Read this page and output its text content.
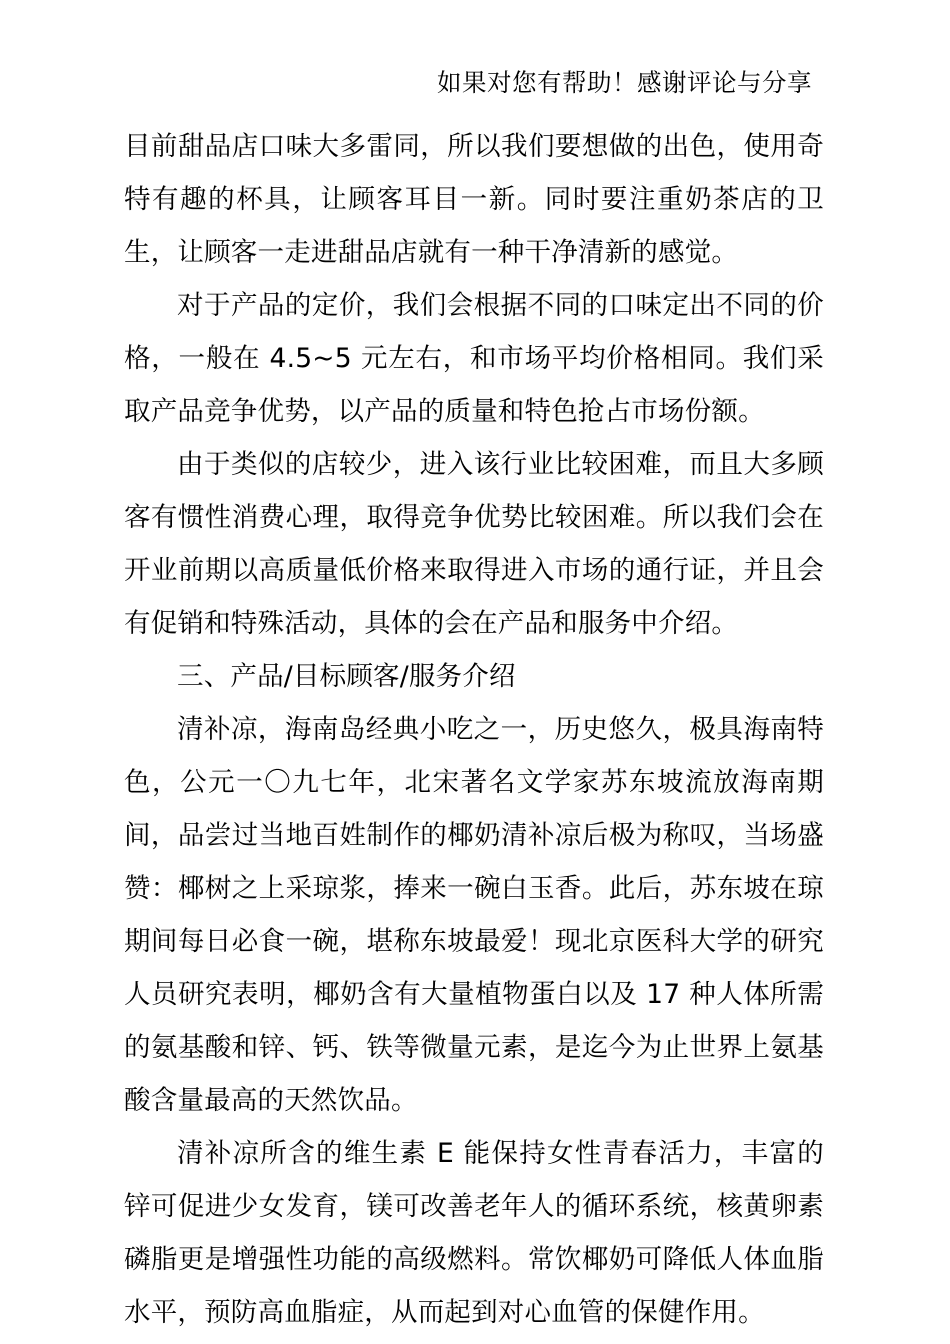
如果对您有帮助！感谢评论与分享

目前甜品店口味大多雷同，所以我们要想做的出色，使用奇特有趣的杯具，让顾客耳目一新。同时要注重奶茶店的卫生，让顾客一走进甜品店就有一种干净清新的感觉。

对于产品的定价，我们会根据不同的口味定出不同的价格，一般在 4.5~5 元左右，和市场平均价格相同。我们采取产品竞争优势，以产品的质量和特色抢占市场份额。

由于类似的店较少，进入该行业比较困难，而且大多顾客有惯性消费心理，取得竞争优势比较困难。所以我们会在开业前期以高质量低价格来取得进入市场的通行证，并且会有促销和特殊活动，具体的会在产品和服务中介绍。

三、产品/目标顾客/服务介绍

清补凉，海南岛经典小吃之一，历史悠久，极具海南特色，公元一〇九七年，北宋著名文学家苏东坡流放海南期间，品尝过当地百姓制作的椰奶清补凉后极为称叹，当场盛赞：椰树之上采琼浆，捧来一碗白玉香。此后，苏东坡在琼期间每日必食一碗，堪称东坡最爱！现北京医科大学的研究人员研究表明，椰奶含有大量植物蛋白以及 17 种人体所需的氨基酸和锌、钙、铁等微量元素，是迄今为止世界上氨基酸含量最高的天然饮品。

清补凉所含的维生素 E 能保持女性青春活力，丰富的锌可促进少女发育，镁可改善老年人的循环系统，核黄卵素磷脂更是增强性功能的高级燃料。常饮椰奶可降低人体血脂水平，预防高血脂症，从而起到对心血管的保健作用。
